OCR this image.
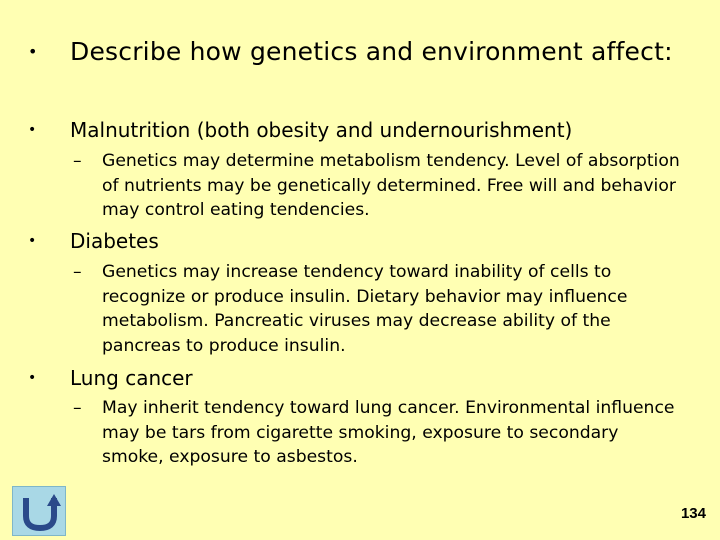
• Describe how genetics and environment affect:
• Malnutrition (both obesity and undernourishment)
– Genetics may determine metabolism tendency. Level of absorption of nutrients may be genetically determined. Free will and behavior may control eating tendencies.
• Diabetes
– Genetics may increase tendency toward inability of cells to recognize or produce insulin. Dietary behavior may influence metabolism. Pancreatic viruses may decrease ability of the pancreas to produce insulin.
• Lung cancer
– May inherit tendency toward lung cancer. Environmental influence may be tars from cigarette smoking, exposure to secondary smoke, exposure to asbestos.
134
